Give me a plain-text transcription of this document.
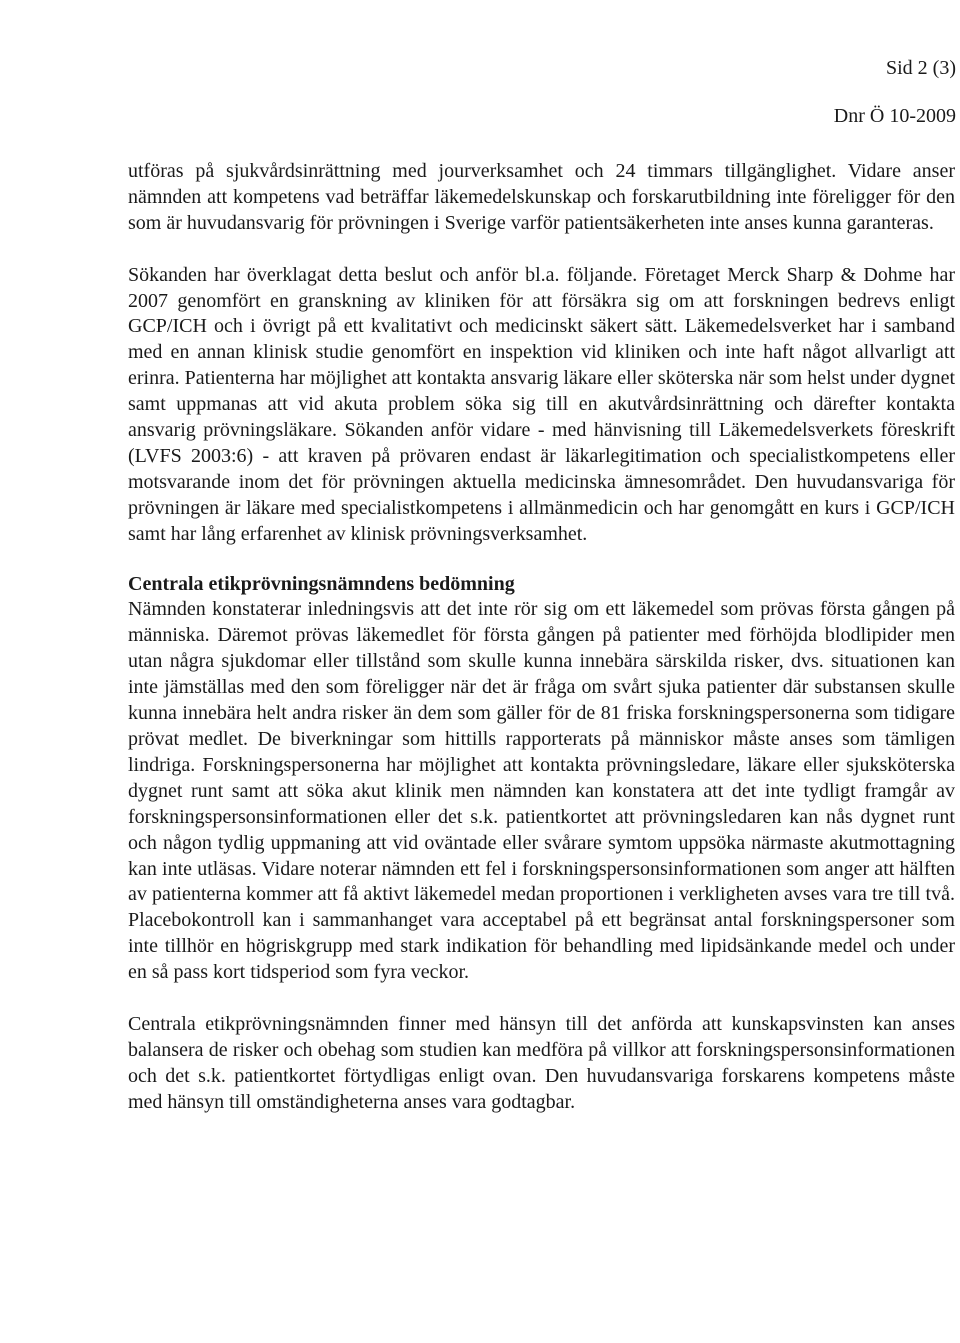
Sid 2 (3)
Dnr Ö 10-2009

utföras på sjukvårdsinrättning med jourverksamhet och 24 timmars tillgänglighet. Vidare anser nämnden att kompetens vad beträffar läkemedelskunskap och forskarutbildning inte föreligger för den som är huvudansvarig för prövningen i Sverige varför patientsäkerheten inte anses kunna garanteras.

Sökanden har överklagat detta beslut och anför bl.a. följande. Företaget Merck Sharp & Dohme har 2007 genomfört en granskning av kliniken för att försäkra sig om att forskningen bedrevs enligt GCP/ICH och i övrigt på ett kvalitativt och medicinskt säkert sätt. Läkemedelsverket har i samband med en annan klinisk studie genomfört en inspektion vid kliniken och inte haft något allvarligt att erinra. Patienterna har möjlighet att kontakta ansvarig läkare eller sköterska när som helst under dygnet samt uppmanas att vid akuta problem söka sig till en akutvårdsinrättning och därefter kontakta ansvarig prövningsläkare. Sökanden anför vidare - med hänvisning till Läkemedelsverkets föreskrift (LVFS 2003:6) - att kraven på prövaren endast är läkarlegitimation och specialistkompetens eller motsvarande inom det för prövningen aktuella medicinska ämnesområdet. Den huvudansvariga för prövningen är läkare med specialistkompetens i allmänmedicin och har genomgått en kurs i GCP/ICH samt har lång erfarenhet av klinisk prövningsverksamhet.

Centrala etikprövningsnämndens bedömning

Nämnden konstaterar inledningsvis att det inte rör sig om ett läkemedel som prövas första gången på människa. Däremot prövas läkemedlet för första gången på patienter med förhöjda blodlipider men utan några sjukdomar eller tillstånd som skulle kunna innebära särskilda risker, dvs. situationen kan inte jämställas med den som föreligger när det är fråga om svårt sjuka patienter där substansen skulle kunna innebära helt andra risker än dem som gäller för de 81 friska forskningspersonerna som tidigare prövat medlet. De biverkningar som hittills rapporterats på människor måste anses som tämligen lindriga. Forskningspersonerna har möjlighet att kontakta prövningsledare, läkare eller sjuksköterska dygnet runt samt att söka akut klinik men nämnden kan konstatera att det inte tydligt framgår av forskningspersonsinformationen eller det s.k. patientkortet att prövningsledaren kan nås dygnet runt och någon tydlig uppmaning att vid oväntade eller svårare symtom uppsöka närmaste akutmottagning kan inte utläsas. Vidare noterar nämnden ett fel i forskningspersonsinformationen som anger att hälften av patienterna kommer att få aktivt läkemedel medan proportionen i verkligheten avses vara tre till två. Placebokontroll kan i sammanhanget vara acceptabel på ett begränsat antal forskningspersoner som inte tillhör en högriskgrupp med stark indikation för behandling med lipidsänkande medel och under en så pass kort tidsperiod som fyra veckor.

Centrala etikprövningsnämnden finner med hänsyn till det anförda att kunskapsvinsten kan anses balansera de risker och obehag som studien kan medföra på villkor att forskningspersonsinformationen och det s.k. patientkortet förtydligas enligt ovan. Den huvudansvariga forskarens kompetens måste med hänsyn till omständigheterna anses vara godtagbar.
